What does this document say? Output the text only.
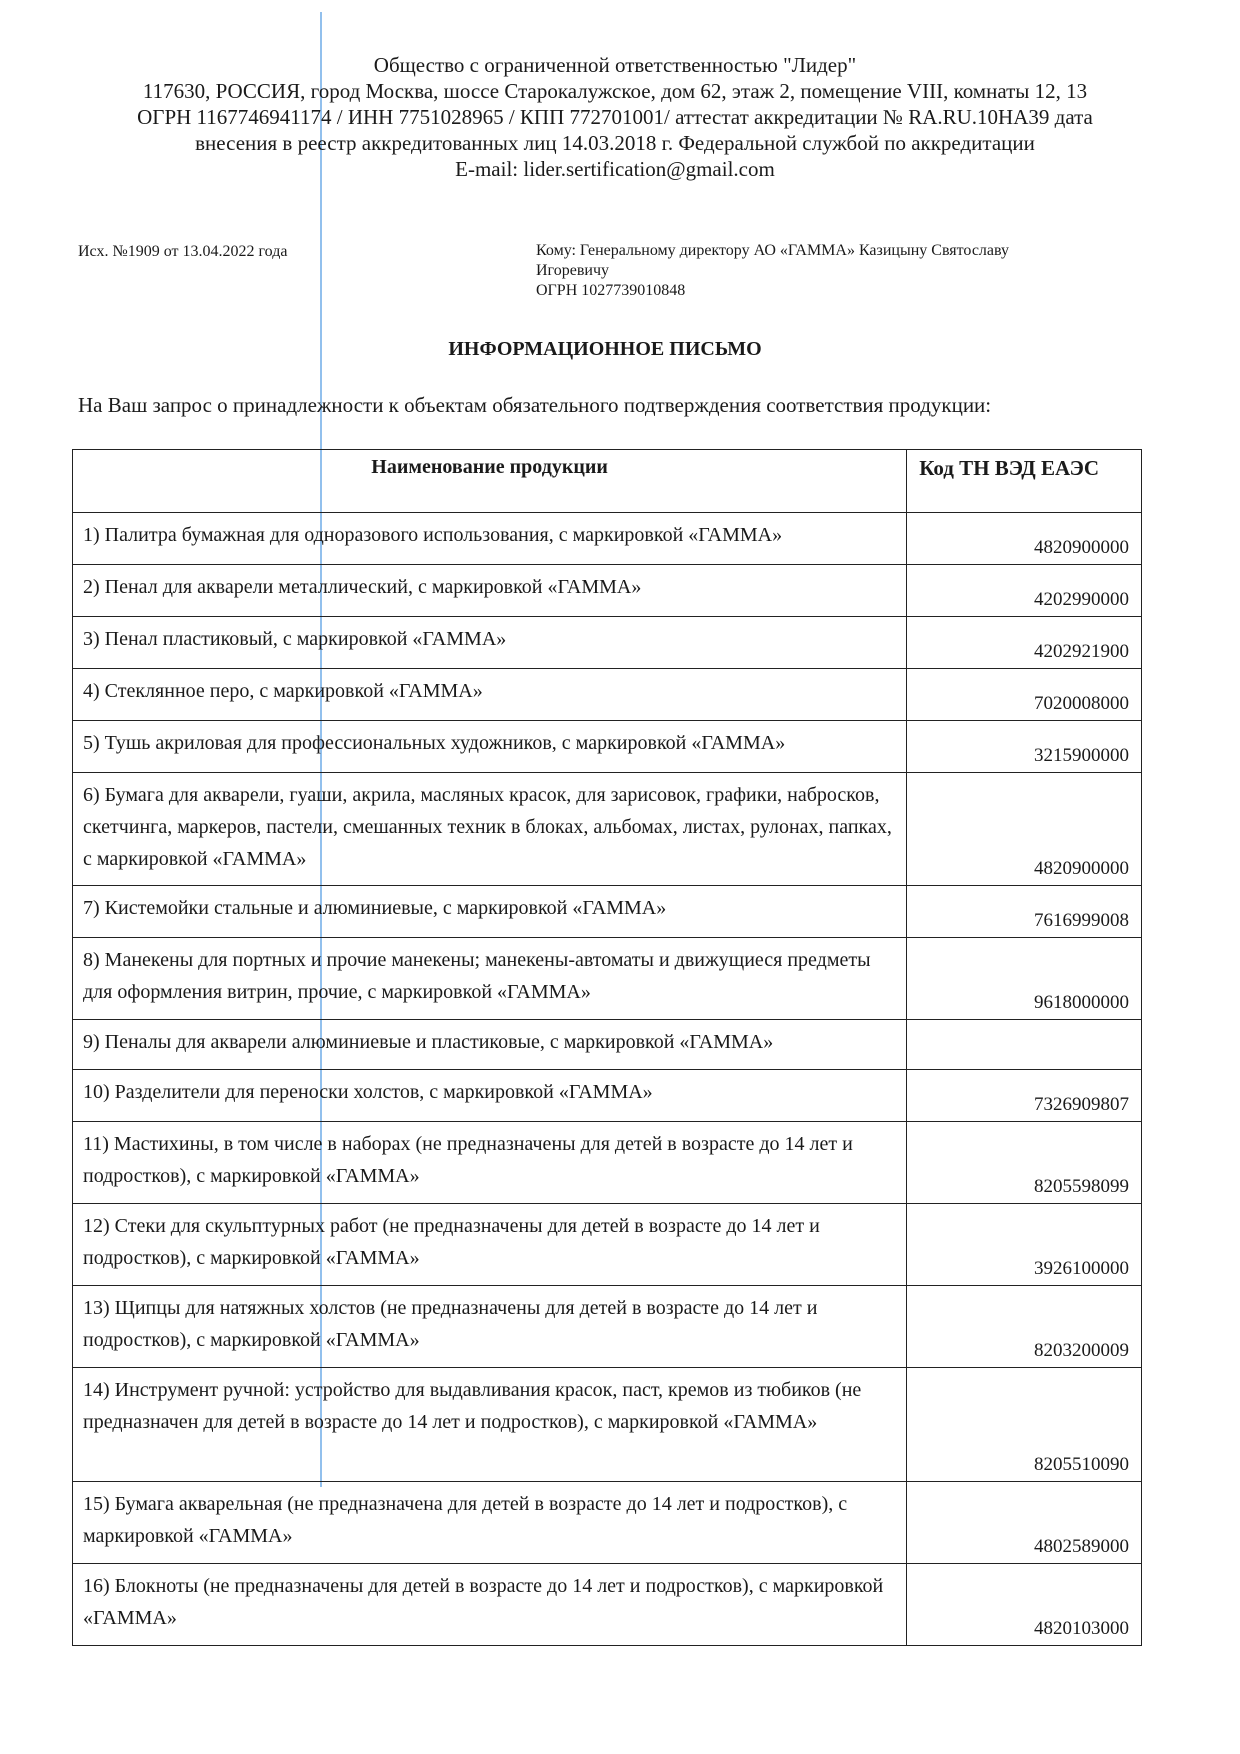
Общество с ограниченной ответственностью "Лидер"
117630, РОССИЯ, город Москва, шоссе Старокалужское, дом 62, этаж 2, помещение VIII, комнаты 12, 13
ОГРН 1167746941174 / ИНН 7751028965 / КПП 772701001/ аттестат аккредитации № RA.RU.10НА39 дата
внесения в реестр аккредитованных лиц 14.03.2018 г. Федеральной службой по аккредитации
E-mail: lider.sertification@gmail.com
Исх. №1909 от 13.04.2022 года	Кому: Генеральному директору АО «ГАММА» Казицыну Святославу
Игоревичу
ОГРН 1027739010848
ИНФОРМАЦИОННОЕ ПИСЬМО
На Ваш запрос о принадлежности к объектам обязательного подтверждения соответствия продукции:
Наименование продукции	Код ТН ВЭД ЕАЭС
1) Палитра бумажная для одноразового использования, с маркировкой «ГАММА»	4820900000
2) Пенал для акварели металлический, с маркировкой «ГАММА»	4202990000
3) Пенал пластиковый, с маркировкой «ГАММА»	4202921900
4) Стеклянное перо, с маркировкой «ГАММА»	7020008000
5) Тушь акриловая для профессиональных художников, с маркировкой «ГАММА»	3215900000
6) Бумага для акварели, гуаши, акрила, масляных красок, для зарисовок, графики, набросков, скетчинга, маркеров, пастели, смешанных техник в блоках, альбомах, листах, рулонах, папках, с маркировкой «ГАММА»	4820900000
7) Кистемойки стальные и алюминиевые, с маркировкой «ГАММА»	7616999008
8) Манекены для портных и прочие манекены; манекены-автоматы и движущиеся предметы для оформления витрин, прочие, с маркировкой «ГАММА»	9618000000
9) Пеналы для акварели алюминиевые и пластиковые, с маркировкой «ГАММА»	
10) Разделители для переноски холстов, с маркировкой «ГАММА»	7326909807
11) Мастихины, в том числе в наборах (не предназначены для детей в возрасте до 14 лет и подростков), с маркировкой «ГАММА»	8205598099
12) Стеки для скульптурных работ (не предназначены для детей в возрасте до 14 лет и подростков), с маркировкой «ГАММА»	3926100000
13) Щипцы для натяжных холстов (не предназначены для детей в возрасте до 14 лет и подростков), с маркировкой «ГАММА»	8203200009
14) Инструмент ручной: устройство для выдавливания красок, паст, кремов из тюбиков (не предназначен для детей в возрасте до 14 лет и подростков), с маркировкой «ГАММА»	8205510090
15) Бумага акварельная (не предназначена для детей в возрасте до 14 лет и подростков), с маркировкой «ГАММА»	4802589000
16) Блокноты (не предназначены для детей в возрасте до 14 лет и подростков), с маркировкой «ГАММА»	4820103000
